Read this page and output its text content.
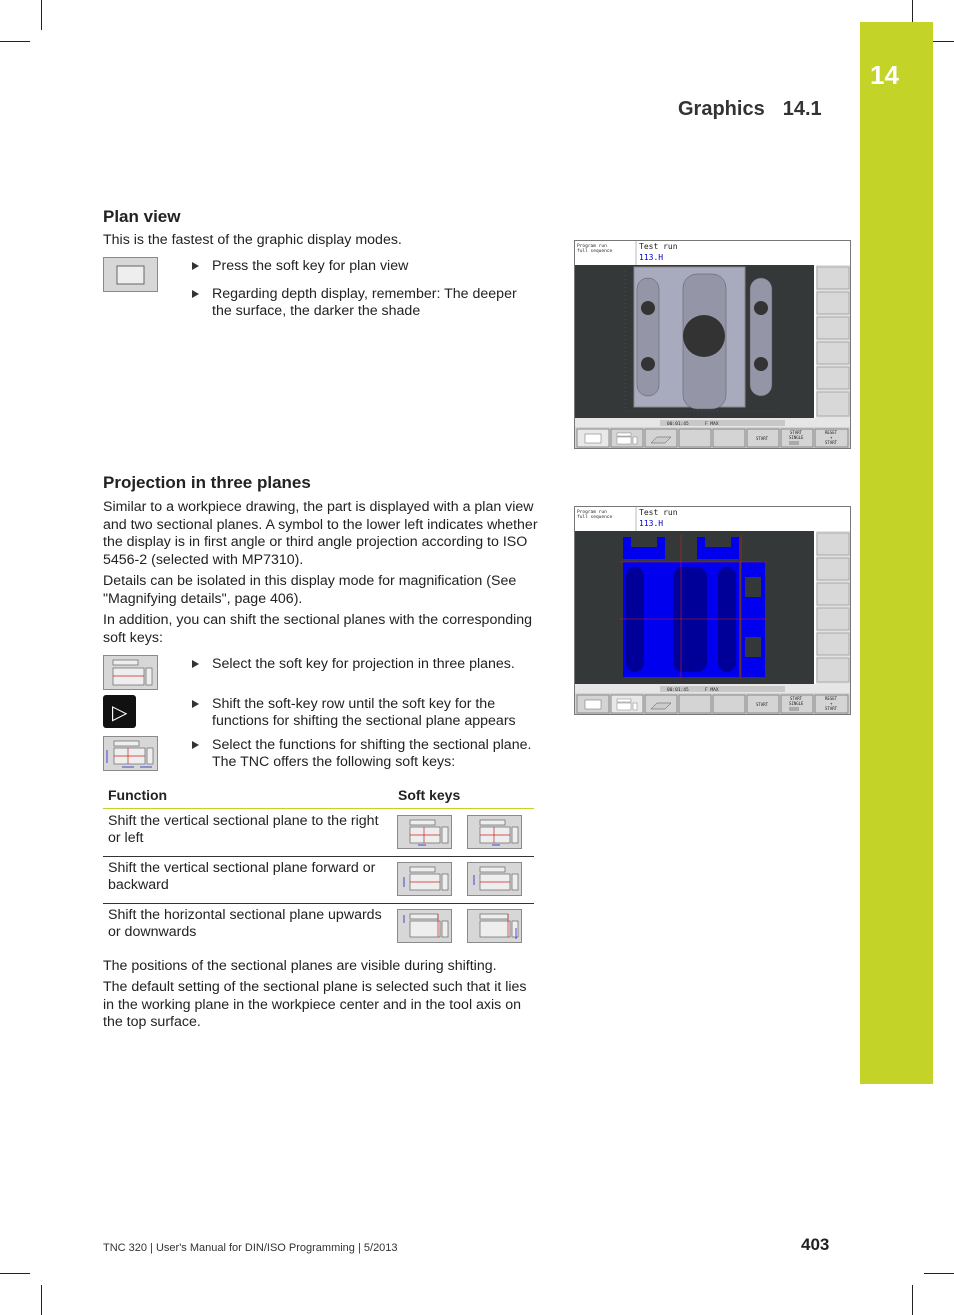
14
Graphics 14.1
Plan view

This is the fastest of the graphic display modes.

Press the soft key for plan view
Regarding depth display, remember: The deeper the surface, the darker the shade
Program run
full sequence
Test run
113.H
00:01:45	F MAX
START
START
SINGLE
RESET
+
START
Projection in three planes

Similar to a workpiece drawing, the part is displayed with a plan view and two sectional planes. A symbol to the lower left indicates whether the display is in first angle or third angle projection according to ISO 5456-2 (selected with MP7310).

Details can be isolated in this display mode for magnification (See "Magnifying details", page 406).

In addition, you can shift the sectional planes with the corresponding soft keys:

Select the soft key for projection in three planes.
▷	Shift the soft-key row until the soft key for the functions for shifting the sectional plane appears
Select the functions for shifting the sectional plane. The TNC offers the following soft keys:
Program run
full sequence
Test run
113.H
00:01:45	F MAX
START
START
SINGLE
RESET
+
START
Function	Soft keys
Shift the vertical sectional plane to the right or left
Shift the vertical sectional plane forward or backward
Shift the horizontal sectional plane upwards or downwards

The positions of the sectional planes are visible during shifting.

The default setting of the sectional plane is selected such that it lies in the working plane in the workpiece center and in the tool axis on the top surface.

TNC 320 | User's Manual for DIN/ISO Programming | 5/2013	403
